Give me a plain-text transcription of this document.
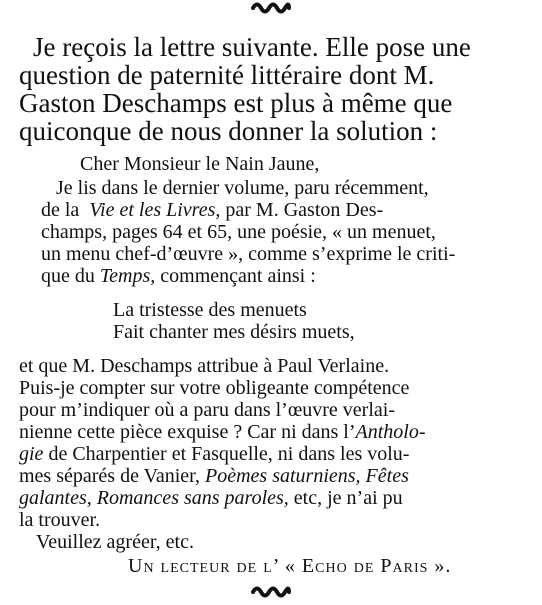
Je reçois la lettre suivante. Elle pose une
question de paternité littéraire dont M.
Gaston Deschamps est plus à même que
quiconque de nous donner la solution :
Cher Monsieur le Nain Jaune,
Je lis dans le dernier volume, paru récemment,
de la Vie et les Livres, par M. Gaston Des-
champs, pages 64 et 65, une poésie, « un menuet,
un menu chef-d’œuvre », comme s’exprime le criti-
que du Temps, commençant ainsi :
La tristesse des menuets
Fait chanter mes désirs muets,
et que M. Deschamps attribue à Paul Verlaine.
Puis-je compter sur votre obligeante compétence
pour m’indiquer où a paru dans l’œuvre verlai-
nienne cette pièce exquise ? Car ni dans l’Antholo-
gie de Charpentier et Fasquelle, ni dans les volu-
mes séparés de Vanier, Poèmes saturniens, Fêtes
galantes, Romances sans paroles, etc, je n’ai pu
la trouver.
Veuillez agréer, etc.
Un lecteur de l’ « Echo de Paris ».
